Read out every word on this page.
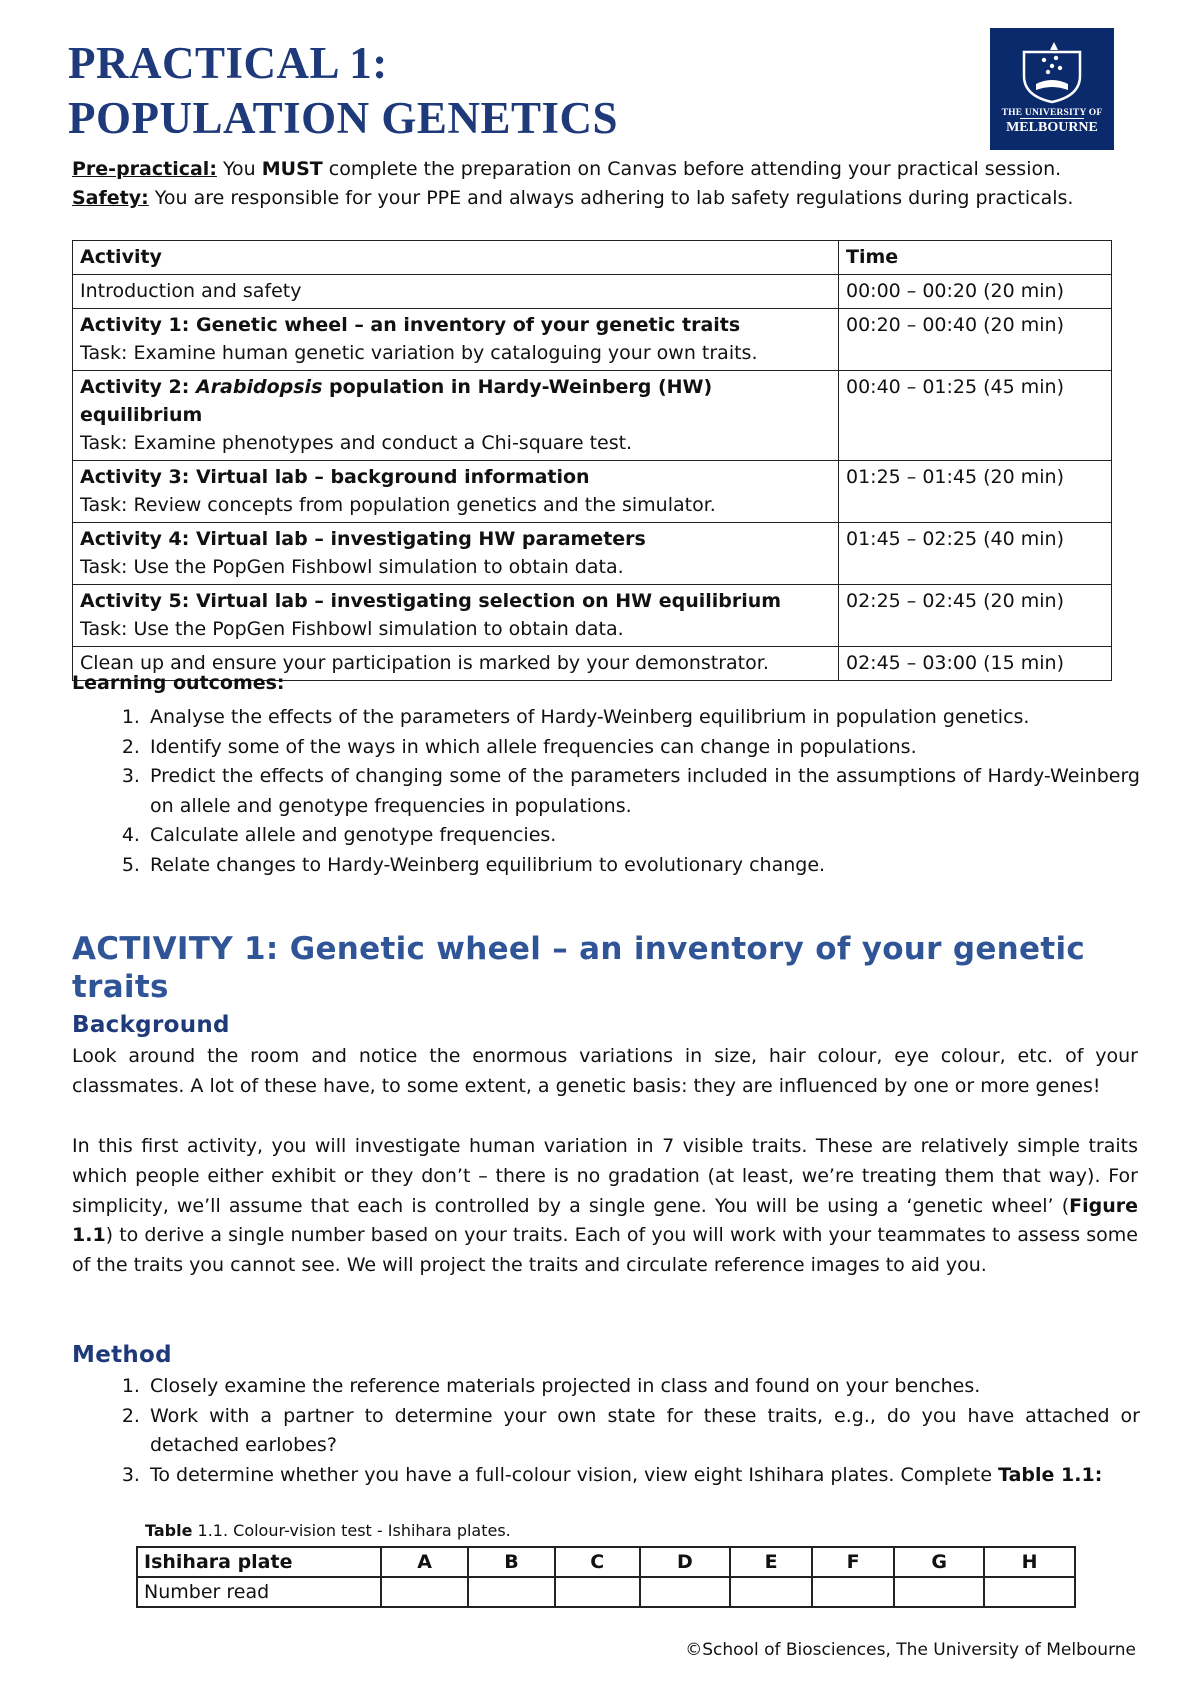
PRACTICAL 1:
POPULATION GENETICS	THE UNIVERSITY OF
MELBOURNE
Pre-practical: You MUST complete the preparation on Canvas before attending your practical session.
Safety: You are responsible for your PPE and always adhering to lab safety regulations during practicals.
Activity	Time
Introduction and safety	00:00 – 00:20 (20 min)

Activity 1: Genetic wheel – an inventory of your genetic traits
Task: Examine human genetic variation by cataloguing your own traits.	00:20 – 00:40 (20 min)

Activity 2: Arabidopsis population in Hardy-Weinberg (HW) equilibrium
Task: Examine phenotypes and conduct a Chi-square test.	00:40 – 01:25 (45 min)

Activity 3: Virtual lab – background information
Task: Review concepts from population genetics and the simulator.	01:25 – 01:45 (20 min)

Activity 4: Virtual lab – investigating HW parameters
Task: Use the PopGen Fishbowl simulation to obtain data.	01:45 – 02:25 (40 min)

Activity 5: Virtual lab – investigating selection on HW equilibrium
Task: Use the PopGen Fishbowl simulation to obtain data.	02:25 – 02:45 (20 min)
Clean up and ensure your participation is marked by your demonstrator.	02:45 – 03:00 (15 min)
Learning outcomes:
1. Analyse the effects of the parameters of Hardy-Weinberg equilibrium in population genetics.
2. Identify some of the ways in which allele frequencies can change in populations.
3. Predict the effects of changing some of the parameters included in the assumptions of Hardy-Weinberg on allele and genotype frequencies in populations.
4. Calculate allele and genotype frequencies.
5. Relate changes to Hardy-Weinberg equilibrium to evolutionary change.
ACTIVITY 1: Genetic wheel – an inventory of your genetic traits
Background

Look around the room and notice the enormous variations in size, hair colour, eye colour, etc. of your classmates. A lot of these have, to some extent, a genetic basis: they are influenced by one or more genes!

In this first activity, you will investigate human variation in 7 visible traits. These are relatively simple traits which people either exhibit or they don’t – there is no gradation (at least, we’re treating them that way). For simplicity, we’ll assume that each is controlled by a single gene. You will be using a ‘genetic wheel’ (Figure 1.1) to derive a single number based on your traits. Each of you will work with your teammates to assess some of the traits you cannot see. We will project the traits and circulate reference images to aid you.

Method
1. Closely examine the reference materials projected in class and found on your benches.
2. Work with a partner to determine your own state for these traits, e.g., do you have attached or detached earlobes?
3. To determine whether you have a full-colour vision, view eight Ishihara plates. Complete Table 1.1:
Table 1.1. Colour-vision test - Ishihara plates.
Ishihara plate	A	B	C	D	E	F	G	H
Number read								
©School of Biosciences, The University of Melbourne
